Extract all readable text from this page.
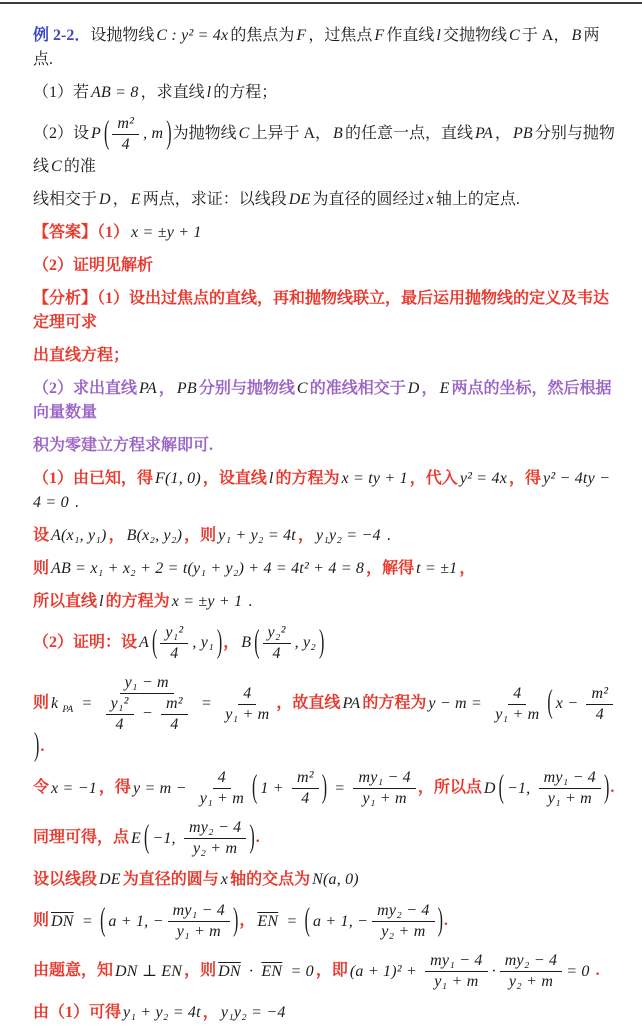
例 2-2．设抛物线 C : y² = 4x 的焦点为 F ，过焦点 F 作直线 l 交抛物线 C 于 A， B 两点.

（1）若 AB = 8 ，求直线 l 的方程；

（2）设 P ( $\frac{\text{m²}}{4}$ , m )为抛物线 C 上异于 A， B 的任意一点，直线 PA ， PB 分别与抛物线 C 的准

线相交于 D ， E 两点，求证：以线段 DE 为直径的圆经过 x 轴上的定点.

【答案】（1） x = ±y + 1

（2）证明见解析

【分析】（1）设出过焦点的直线，再和抛物线联立，最后运用抛物线的定义及韦达定理可求

出直线方程；

（2）求出直线 PA ， PB 分别与抛物线 C 的准线相交于 D ， E 两点的坐标，然后根据向量数量

积为零建立方程求解即可.

（1）由已知，得 F(1, 0) ，设直线 l 的方程为 x = ty + 1 ，代入 y² = 4x ，得 y² − 4ty − 4 = 0 .

设 A(x₁, y₁) ， B(x₂, y₂) ，则 y₁ + y₂ = 4t ， y₁y₂ = −4 .

则 AB = x₁ + x₂ + 2 = t(y₁ + y₂) + 4 = 4t² + 4 = 8 ，解得 t = ±1 ，

所以直线 l 的方程为 x = ±y + 1 .

（2）证明：设 A ( $\frac{\text{y₁²}}{4}$ , y₁ )， B ( $\frac{\text{y₂²}}{4}$ , y₂ )

则 k $_{PA} = \frac{\text{y₁ − m}}{\frac{\text{y₁²}}{4} - \frac{\text{m²}}{4}} = \frac{4}{\text{y₁ + m}}$ ，故直线 PA 的方程为 $y - m = \frac{4}{\text{y₁ + m}}$ ( $x - \frac{\text{m²}}{4}$
).

令 x = −1 ，得 $y = m - \frac{4}{\text{y₁ + m}}$ ( $1 + \frac{\text{m²}}{4}$ ) = $\frac{\text{my₁ − 4}}{\text{y₁ + m}}$ ，所以点 D ( −1, $\frac{\text{my₁ − 4}}{\text{y₁ + m}}$ ).

同理可得，点 E ( −1, $\frac{\text{my₂ − 4}}{\text{y₂ + m}}$ ).

设以线段 DE 为直径的圆与 x 轴的交点为 N(a, 0)

则 $\overline{DN}$ = ( a + 1, − $\frac{\text{my₁ − 4}}{\text{y₁ + m}}$ )， $\overline{EN}$ = ( a + 1, − $\frac{\text{my₂ − 4}}{\text{y₂ + m}}$ ).

由题意，知 DN ⊥ EN ，则 $\overline{DN} \cdot \overline{EN} = 0$ ，即 $(a + 1)^2 + \frac{\text{my₁ − 4}}{\text{y₁ + m}} \cdot \frac{\text{my₂ − 4}}{\text{y₂ + m}} = 0$ .

由（1）可得 y₁ + y₂ = 4t ， y₁y₂ = −4
